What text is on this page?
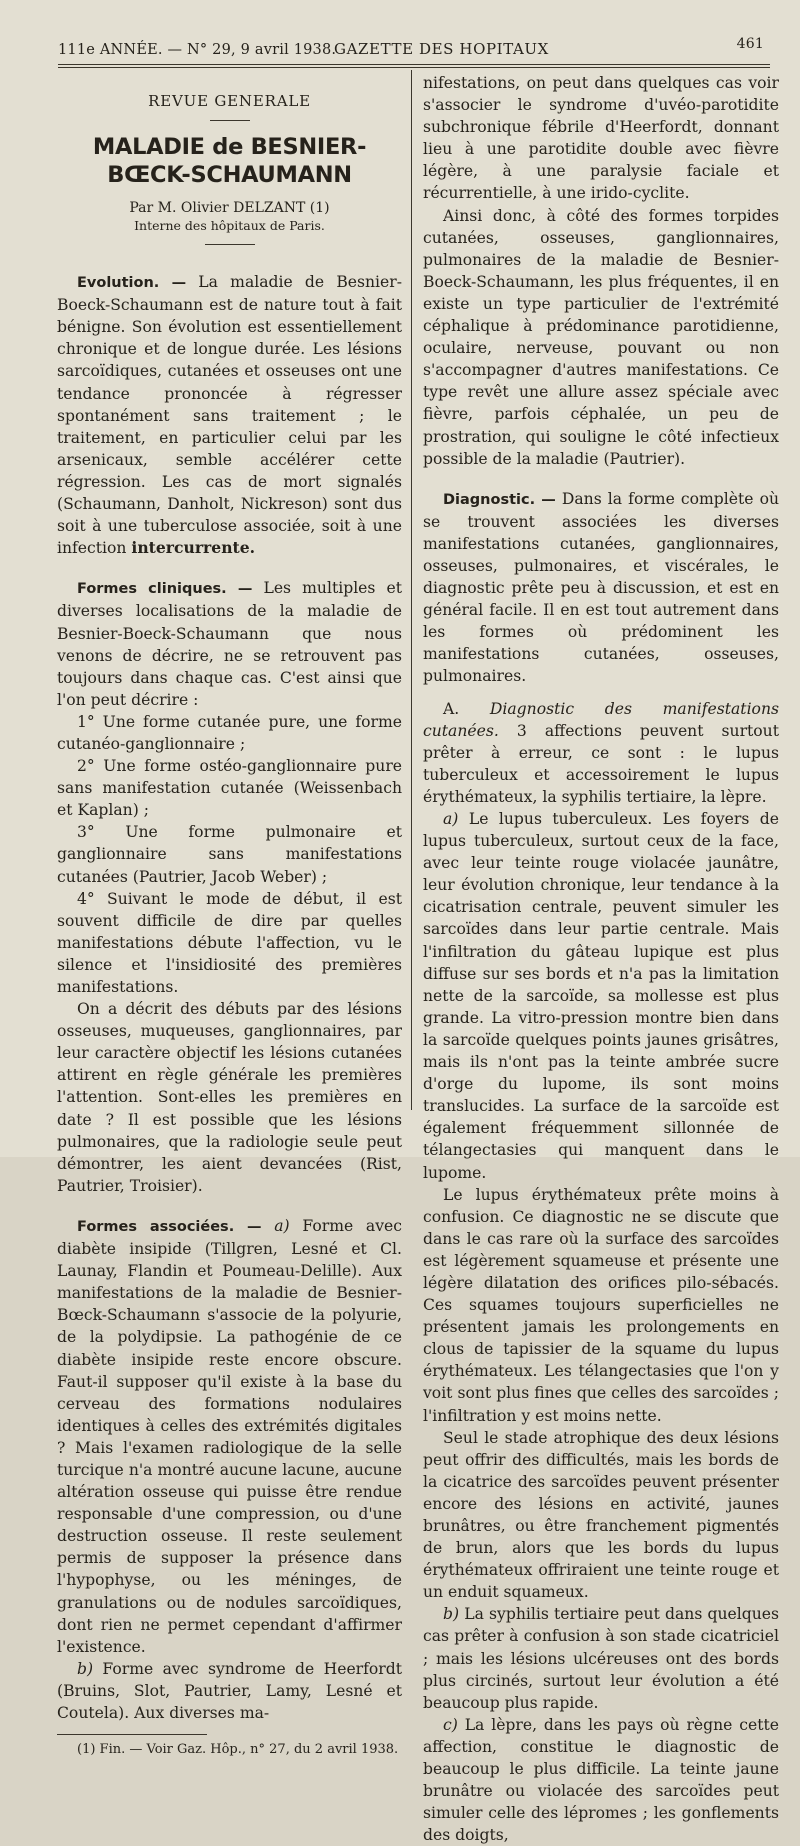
111e ANNÉE. — N° 29, 9 avril 1938.
GAZETTE DES HOPITAUX	461
REVUE GENERALE
MALADIE de BESNIER-BŒCK-SCHAUMANN
Par M. Olivier DELZANT (1)
Interne des hôpitaux de Paris.

Evolution. — La maladie de Besnier-Boeck-Schaumann est de nature tout à fait bénigne. Son évolution est essentiellement chronique et de longue durée. Les lésions sarcoïdiques, cutanées et osseuses ont une tendance prononcée à régresser spontanément sans traitement ; le traitement, en particulier celui par les arsenicaux, semble accélérer cette régression. Les cas de mort signalés (Schaumann, Danholt, Nickreson) sont dus soit à une tuberculose associée, soit à une infection intercurrente.

Formes cliniques. — Les multiples et diverses localisations de la maladie de Besnier-Boeck-Schaumann que nous venons de décrire, ne se retrouvent pas toujours dans chaque cas. C'est ainsi que l'on peut décrire :

1° Une forme cutanée pure, une forme cutanéo-ganglionnaire ;

2° Une forme ostéo-ganglionnaire pure sans manifestation cutanée (Weissenbach et Kaplan) ;

3° Une forme pulmonaire et ganglionnaire sans manifestations cutanées (Pautrier, Jacob Weber) ;

4° Suivant le mode de début, il est souvent difficile de dire par quelles manifestations débute l'affection, vu le silence et l'insidiosité des premières manifestations.

On a décrit des débuts par des lésions osseuses, muqueuses, ganglionnaires, par leur caractère objectif les lésions cutanées attirent en règle générale les premières l'attention. Sont-elles les premières en date ? Il est possible que les lésions pulmonaires, que la radiologie seule peut démontrer, les aient devancées (Rist, Pautrier, Troisier).

Formes associées. — a) Forme avec diabète insipide (Tillgren, Lesné et Cl. Launay, Flandin et Poumeau-Delille). Aux manifestations de la maladie de Besnier-Bœck-Schaumann s'associe de la polyurie, de la polydipsie. La pathogénie de ce diabète insipide reste encore obscure. Faut-il supposer qu'il existe à la base du cerveau des formations nodulaires identiques à celles des extrémités digitales ? Mais l'examen radiologique de la selle turcique n'a montré aucune lacune, aucune altération osseuse qui puisse être rendue responsable d'une compression, ou d'une destruction osseuse. Il reste seulement permis de supposer la présence dans l'hypophyse, ou les méninges, de granulations ou de nodules sarcoïdiques, dont rien ne permet cependant d'affirmer l'existence.

b) Forme avec syndrome de Heerfordt (Bruins, Slot, Pautrier, Lamy, Lesné et Coutela). Aux diverses ma-

(1) Fin. — Voir Gaz. Hôp., n° 27, du 2 avril 1938.

nifestations, on peut dans quelques cas voir s'associer le syndrome d'uvéo-parotidite subchronique fébrile d'Heerfordt, donnant lieu à une parotidite double avec fièvre légère, à une paralysie faciale et récurrentielle, à une irido-cyclite.

Ainsi donc, à côté des formes torpides cutanées, osseuses, ganglionnaires, pulmonaires de la maladie de Besnier-Boeck-Schaumann, les plus fréquentes, il en existe un type particulier de l'extrémité céphalique à prédominance parotidienne, oculaire, nerveuse, pouvant ou non s'accompagner d'autres manifestations. Ce type revêt une allure assez spéciale avec fièvre, parfois céphalée, un peu de prostration, qui souligne le côté infectieux possible de la maladie (Pautrier).

Diagnostic. — Dans la forme complète où se trouvent associées les diverses manifestations cutanées, ganglionnaires, osseuses, pulmonaires, et viscérales, le diagnostic prête peu à discussion, et est en général facile. Il en est tout autrement dans les formes où prédominent les manifestations cutanées, osseuses, pulmonaires.

A. Diagnostic des manifestations cutanées. 3 affections peuvent surtout prêter à erreur, ce sont : le lupus tuberculeux et accessoirement le lupus érythémateux, la syphilis tertiaire, la lèpre.

a) Le lupus tuberculeux. Les foyers de lupus tuberculeux, surtout ceux de la face, avec leur teinte rouge violacée jaunâtre, leur évolution chronique, leur tendance à la cicatrisation centrale, peuvent simuler les sarcoïdes dans leur partie centrale. Mais l'infiltration du gâteau lupique est plus diffuse sur ses bords et n'a pas la limitation nette de la sarcoïde, sa mollesse est plus grande. La vitro-pression montre bien dans la sarcoïde quelques points jaunes grisâtres, mais ils n'ont pas la teinte ambrée sucre d'orge du lupome, ils sont moins translucides. La surface de la sarcoïde est également fréquemment sillonnée de télangectasies qui manquent dans le lupome.

Le lupus érythémateux prête moins à confusion. Ce diagnostic ne se discute que dans le cas rare où la surface des sarcoïdes est légèrement squameuse et présente une légère dilatation des orifices pilo-sébacés. Ces squames toujours superficielles ne présentent jamais les prolongements en clous de tapissier de la squame du lupus érythémateux. Les télangectasies que l'on y voit sont plus fines que celles des sarcoïdes ; l'infiltration y est moins nette.

Seul le stade atrophique des deux lésions peut offrir des difficultés, mais les bords de la cicatrice des sarcoïdes peuvent présenter encore des lésions en activité, jaunes brunâtres, ou être franchement pigmentés de brun, alors que les bords du lupus érythémateux offriraient une teinte rouge et un enduit squameux.

b) La syphilis tertiaire peut dans quelques cas prêter à confusion à son stade cicatriciel ; mais les lésions ulcéreuses ont des bords plus circinés, surtout leur évolution a été beaucoup plus rapide.

c) La lèpre, dans les pays où règne cette affection, constitue le diagnostic de beaucoup le plus difficile. La teinte jaune brunâtre ou violacée des sarcoïdes peut simuler celle des lépromes ; les gonflements des doigts,
